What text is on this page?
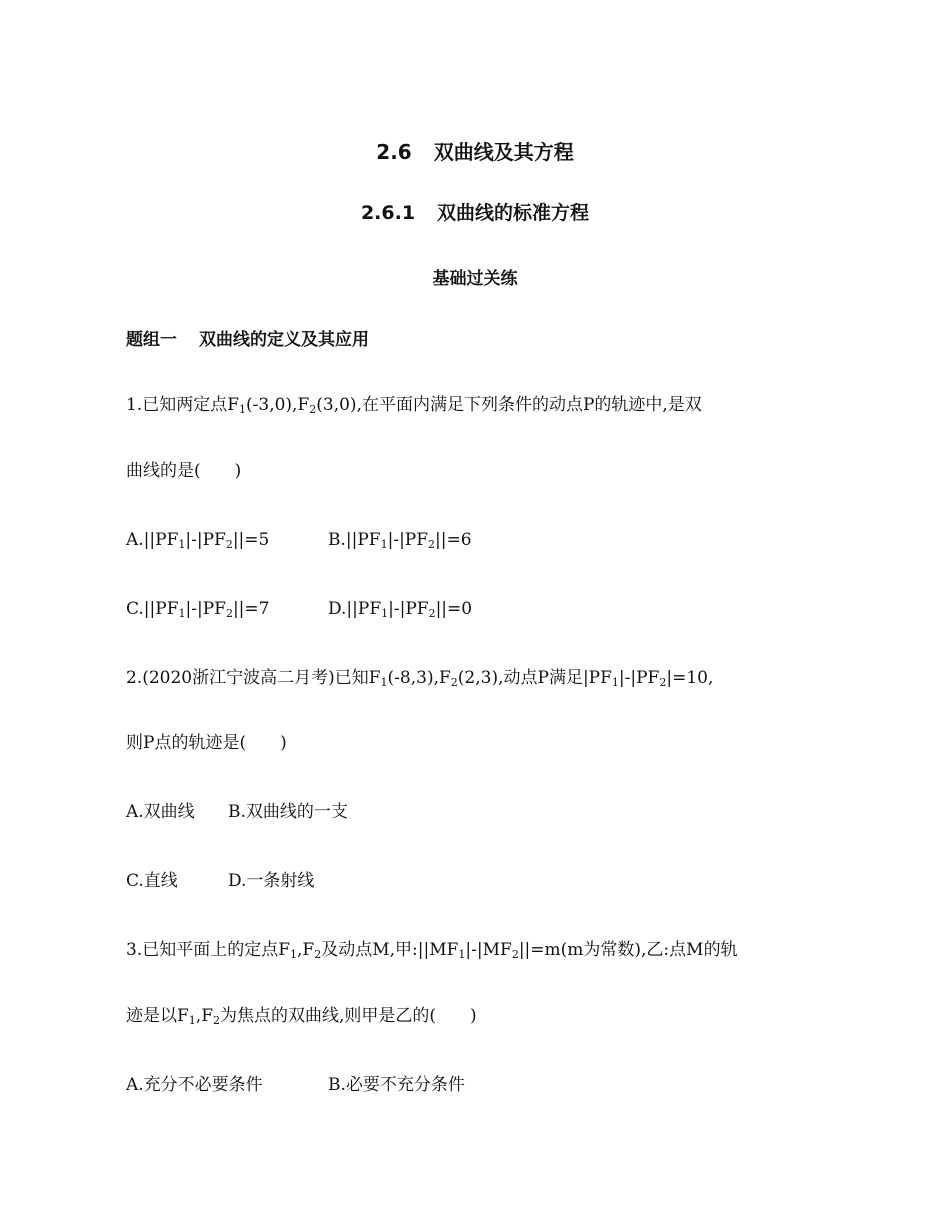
2.6 双曲线及其方程
2.6.1 双曲线的标准方程
基础过关练
题组一 双曲线的定义及其应用
1.已知两定点$F_1(-3,0),F_2(3,0)$,在平面内满足下列条件的动点P的轨迹中,是双
曲线的是(　　)
$A.||PF_1|-|PF_2||=5$	$B.||PF_1|-|PF_2||=6$
$C.||PF_1|-|PF_2||=7$	$D.||PF_1|-|PF_2||=0$
2.(2020浙江宁波高二月考)已知$F_1(-8,3),F_2(2,3)$,动点P满足$|PF_1|-|PF_2|=10$,
则P点的轨迹是(　　)
A.双曲线 B.双曲线的一支
C.直线	D.一条射线
3.已知平面上的定点$F_1,F_2$及动点M,甲$:||MF_1|-|MF_2||=m(m$为常数),乙:点M的轨
迹是以$F_1,F_2$为焦点的双曲线,则甲是乙的(　　)
A.充分不必要条件	B.必要不充分条件
